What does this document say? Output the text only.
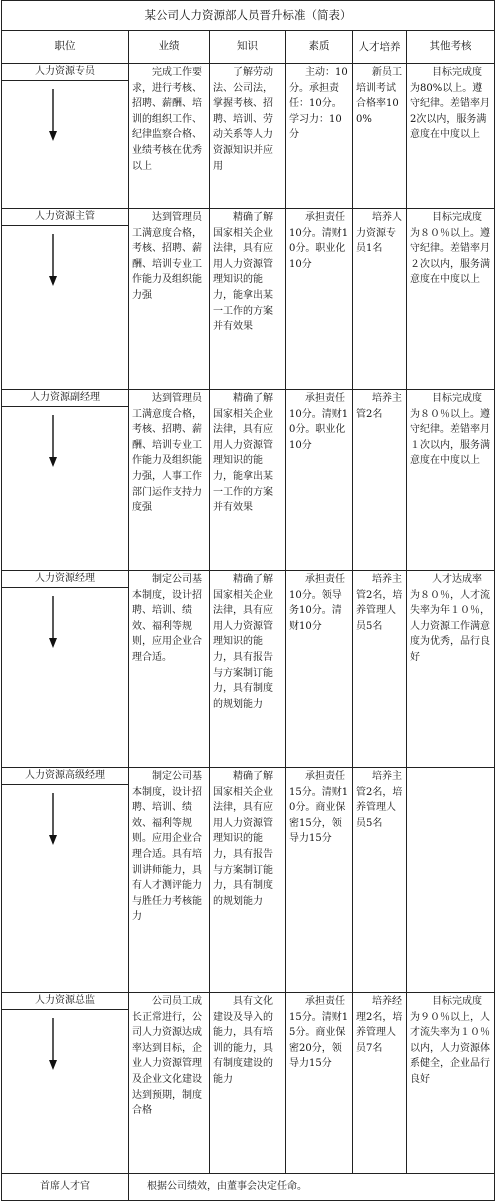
某公司人力资源部人员晋升标准（简表）					
职位	业绩	知识	素质	人才培养	其他考核

人力资源专员	完成工作要求，进行考核、招聘、薪酬、培训的组织工作、纪律监察合格、业绩考核在优秀以上	了解劳动法、公司法，掌握考核、招聘、培训、劳动关系等人力资源知识并应用	主动：10分。承担责任：10分。学习力：10分	新员工培训考试合格率100%	目标完成度为80%以上。遵守纪律。差错率月2次以内，服务满意度在中度以上

人力资源主管	达到管理员工满意度合格，考核、招聘、薪酬、培训专业工作能力及组织能力强	精确了解国家相关企业法律，具有应用人力资源管理知识的能力，能拿出某一工作的方案并有效果	承担责任10分。清财10分。职业化10分	培养人力资源专员1名	目标完成度为８０％以上。遵守纪律。差错率月２次以内，服务满意度在中度以上

人力资源副经理	达到管理员工满意度合格，考核、招聘、薪酬、培训专业工作能力及组织能力强，人事工作部门运作支持力度强	精确了解国家相关企业法律，具有应用人力资源管理知识的能力，能拿出某一工作的方案并有效果	承担责任10分。清财10分。职业化10分	培养主管2名	目标完成度为８０％以上。遵守纪律。差错率月１次以内，服务满意度在中度以上

人力资源经理	制定公司基本制度，设计招聘、培训、绩效、福利等规则，应用企业合理合适。	精确了解国家相关企业法律，具有应用人力资源管理知识的能力，具有报告与方案制订能力，具有制度的规划能力	承担责任10分。领导务10分。清财10分	培养主管2名，培养管理人员5名	人才达成率为８０％，人才流失率为年１０％，人力资源工作满意度为优秀，品行良好

人力资源高级经理	制定公司基本制度，设计招聘、培训、绩效、福利等规则。应用企业合理合适。具有培训讲师能力，具有人才测评能力与胜任力考核能力	精确了解国家相关企业法律，具有应用人力资源管理知识的能力，具有报告与方案制订能力，具有制度的规划能力	承担责任15分。清财10分。商业保密15分，领导力15分	培养主管2名，培养管理人员5名	

人力资源总监	公司员工成长正常进行，公司人力资源达成率达到目标，企业人力资源管理及企业文化建设达到预期，制度合格	具有文化建设及导入的能力，具有培训的能力，具有制度建设的能力	承担责任15分。清财15分。商业保密20分，领导力15分	培养经理2名，培养管理人员7名	目标完成度为９０％以上，人才流失率为１０％以内，人力资源体系健全，企业品行良好
首席人才官	根据公司绩效，由董事会决定任命。				
